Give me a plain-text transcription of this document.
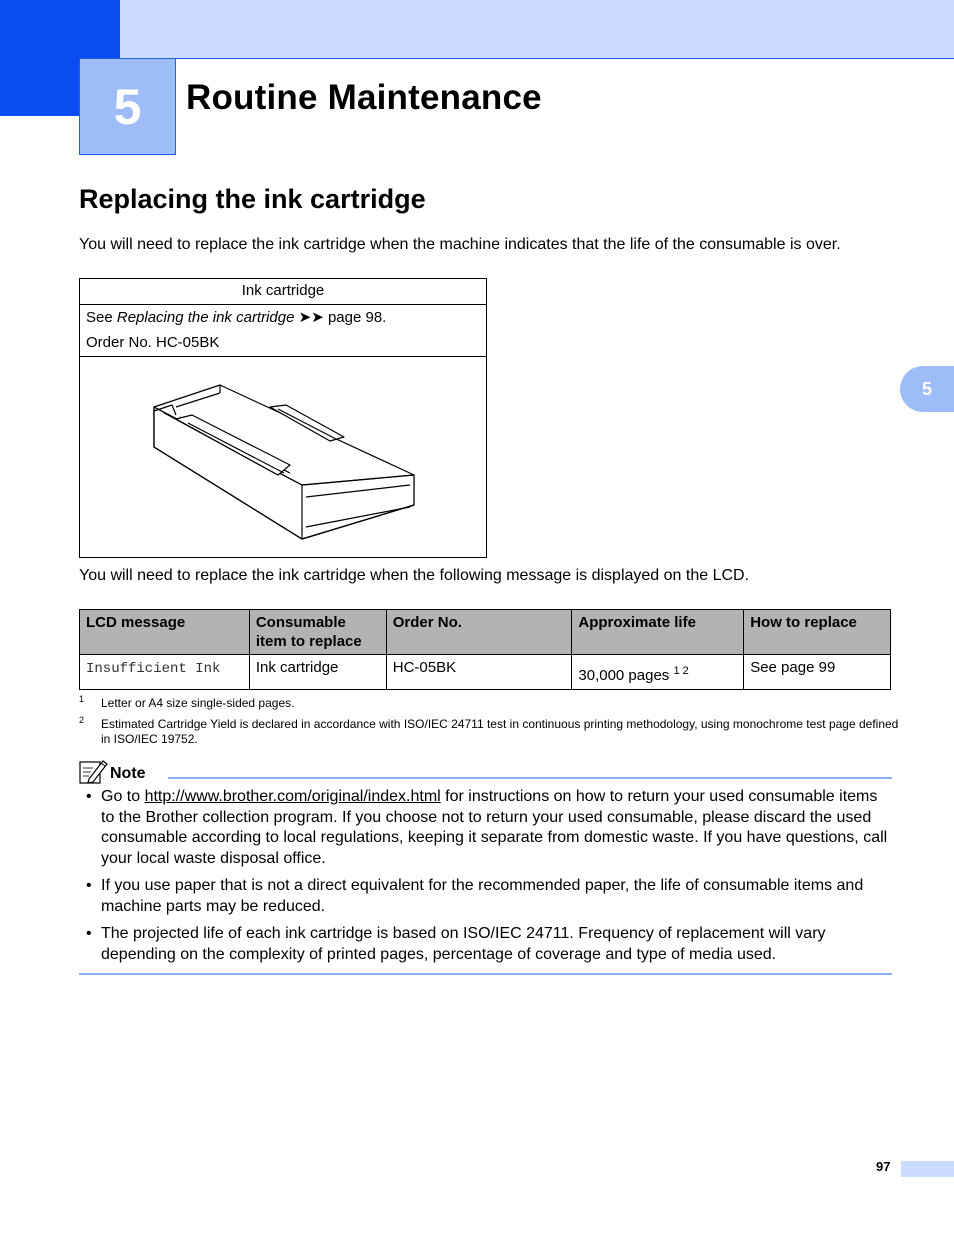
5 Routine Maintenance
5
Replacing the ink cartridge
You will need to replace the ink cartridge when the machine indicates that the life of the consumable is over.
Ink cartridge
See Replacing the ink cartridge ➤➤ page 98.
Order No. HC-05BK
You will need to replace the ink cartridge when the following message is displayed on the LCD.
LCD message	Consumable item to replace	Order No.	Approximate life	How to replace
Insufficient Ink	Ink cartridge	HC-05BK	30,000 pages $^{1 2}$	See page 99
1 Letter or A4 size single-sided pages.
2 Estimated Cartridge Yield is declared in accordance with ISO/IEC 24711 test in continuous printing methodology, using monochrome test page defined in ISO/IEC 19752.
Note
• Go to http://www.brother.com/original/index.html for instructions on how to return your used consumable items to the Brother collection program. If you choose not to return your used consumable, please discard the used consumable according to local regulations, keeping it separate from domestic waste. If you have questions, call your local waste disposal office.
• If you use paper that is not a direct equivalent for the recommended paper, the life of consumable items and machine parts may be reduced.
• The projected life of each ink cartridge is based on ISO/IEC 24711. Frequency of replacement will vary depending on the complexity of printed pages, percentage of coverage and type of media used.
97
